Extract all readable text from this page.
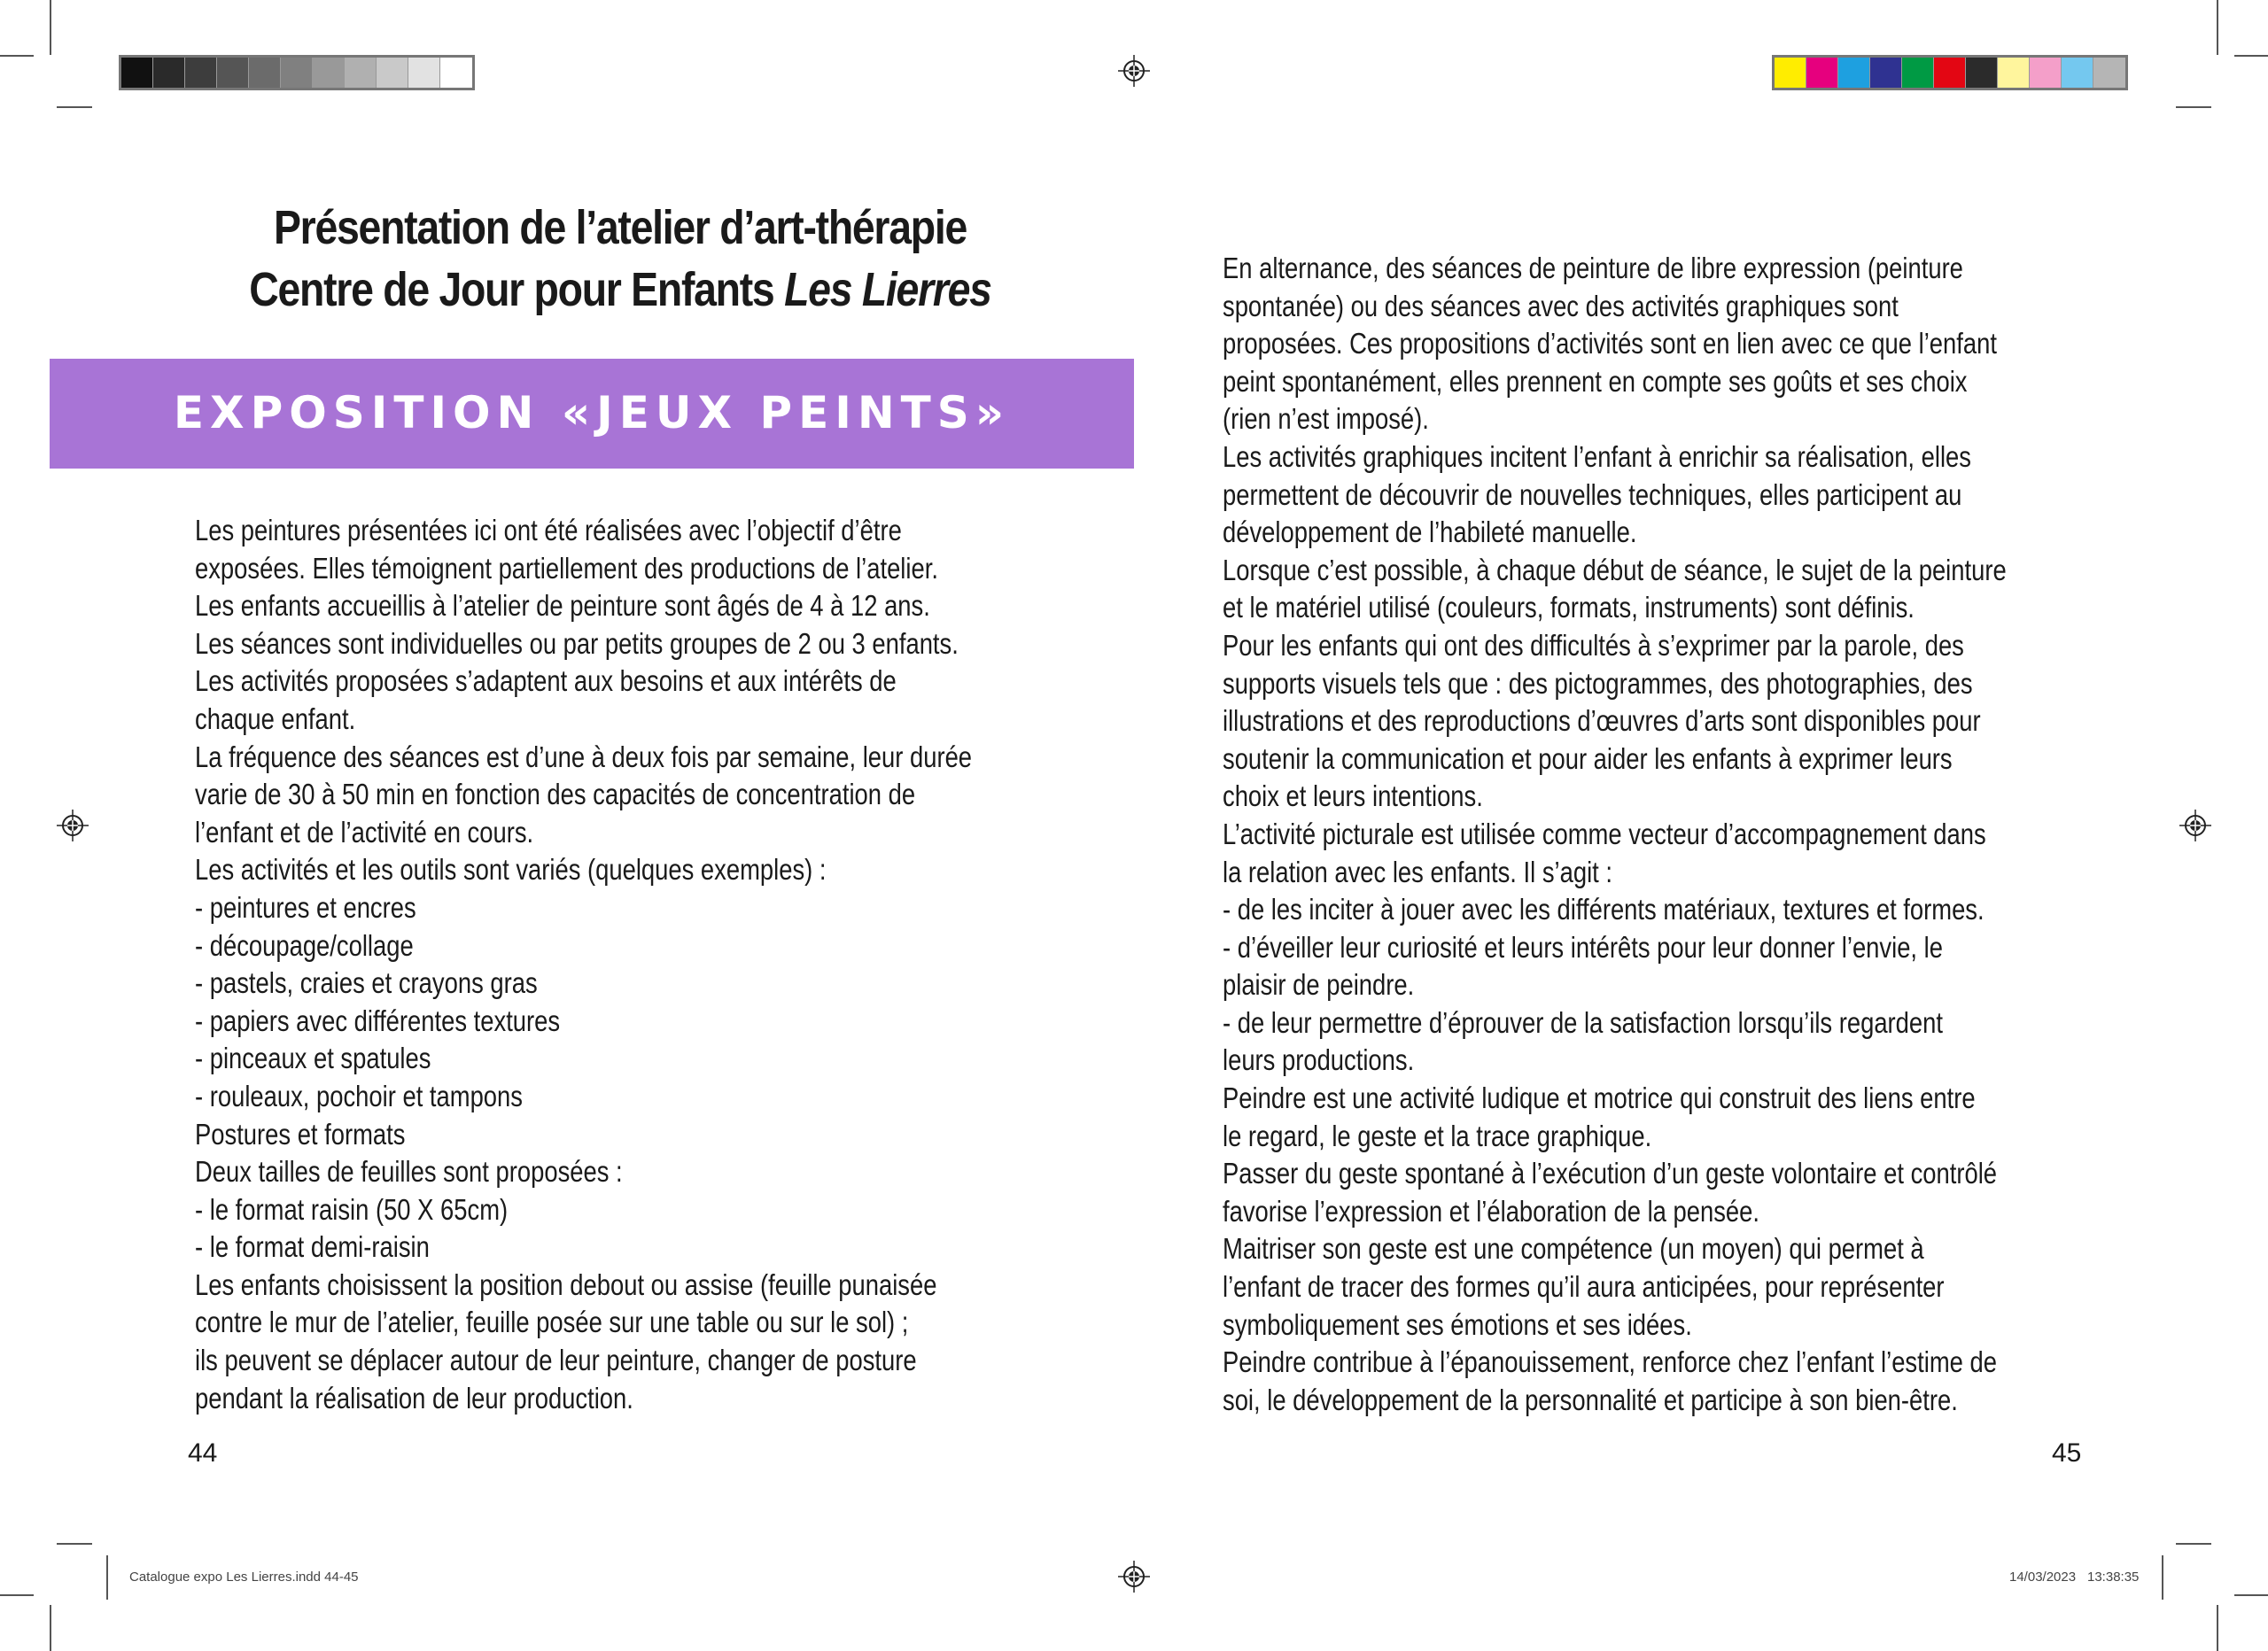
Présentation de l’atelier d’art-thérapie
Centre de Jour pour Enfants Les Lierres
EXPOSITION «JEUX PEINTS»
Les peintures présentées ici ont été réalisées avec l’objectif d’être
exposées. Elles témoignent partiellement des productions de l’atelier.
Les enfants accueillis à l’atelier de peinture sont âgés de 4 à 12 ans.
Les séances sont individuelles ou par petits groupes de 2 ou 3 enfants.
Les activités proposées s’adaptent aux besoins et aux intérêts de
chaque enfant.
La fréquence des séances est d’une à deux fois par semaine, leur durée
varie de 30 à 50 min en fonction des capacités de concentration de
l’enfant et de l’activité en cours.
Les activités et les outils sont variés (quelques exemples) :
- peintures et encres
- découpage/collage
- pastels, craies et crayons gras
- papiers avec différentes textures
- pinceaux et spatules
- rouleaux, pochoir et tampons
Postures et formats
Deux tailles de feuilles sont proposées :
- le format raisin (50 X 65cm)
- le format demi-raisin
Les enfants choisissent la position debout ou assise (feuille punaisée
contre le mur de l’atelier, feuille posée sur une table ou sur le sol) ;
ils peuvent se déplacer autour de leur peinture, changer de posture
pendant la réalisation de leur production.
44
En alternance, des séances de peinture de libre expression (peinture
spontanée) ou des séances avec des activités graphiques sont
proposées. Ces propositions d’activités sont en lien avec ce que l’enfant
peint spontanément, elles prennent en compte ses goûts et ses choix
(rien n’est imposé).
Les activités graphiques incitent l’enfant à enrichir sa réalisation, elles
permettent de découvrir de nouvelles techniques, elles participent au
développement de l’habileté manuelle.
Lorsque c’est possible, à chaque début de séance, le sujet de la peinture
et le matériel utilisé (couleurs, formats, instruments) sont définis.
Pour les enfants qui ont des difficultés à s’exprimer par la parole, des
supports visuels tels que : des pictogrammes, des photographies, des
illustrations et des reproductions d’œuvres d’arts sont disponibles pour
soutenir la communication et pour aider les enfants à exprimer leurs
choix et leurs intentions.
L’activité picturale est utilisée comme vecteur d’accompagnement dans
la relation avec les enfants. Il s’agit :
- de les inciter à jouer avec les différents matériaux, textures et formes.
- d’éveiller leur curiosité et leurs intérêts pour leur donner l’envie, le
plaisir de peindre.
- de leur permettre d’éprouver de la satisfaction lorsqu’ils regardent
leurs productions.
Peindre est une activité ludique et motrice qui construit des liens entre
le regard, le geste et la trace graphique.
Passer du geste spontané à l’exécution d’un geste volontaire et contrôlé
favorise l’expression et l’élaboration de la pensée.
Maitriser son geste est une compétence (un moyen) qui permet à
l’enfant de tracer des formes qu’il aura anticipées, pour représenter
symboliquement ses émotions et ses idées.
Peindre contribue à l’épanouissement, renforce chez l’enfant l’estime de
soi, le développement de la personnalité et participe à son bien-être.
45
Catalogue expo Les Lierres.indd 44-45	14/03/2023 13:38:35
